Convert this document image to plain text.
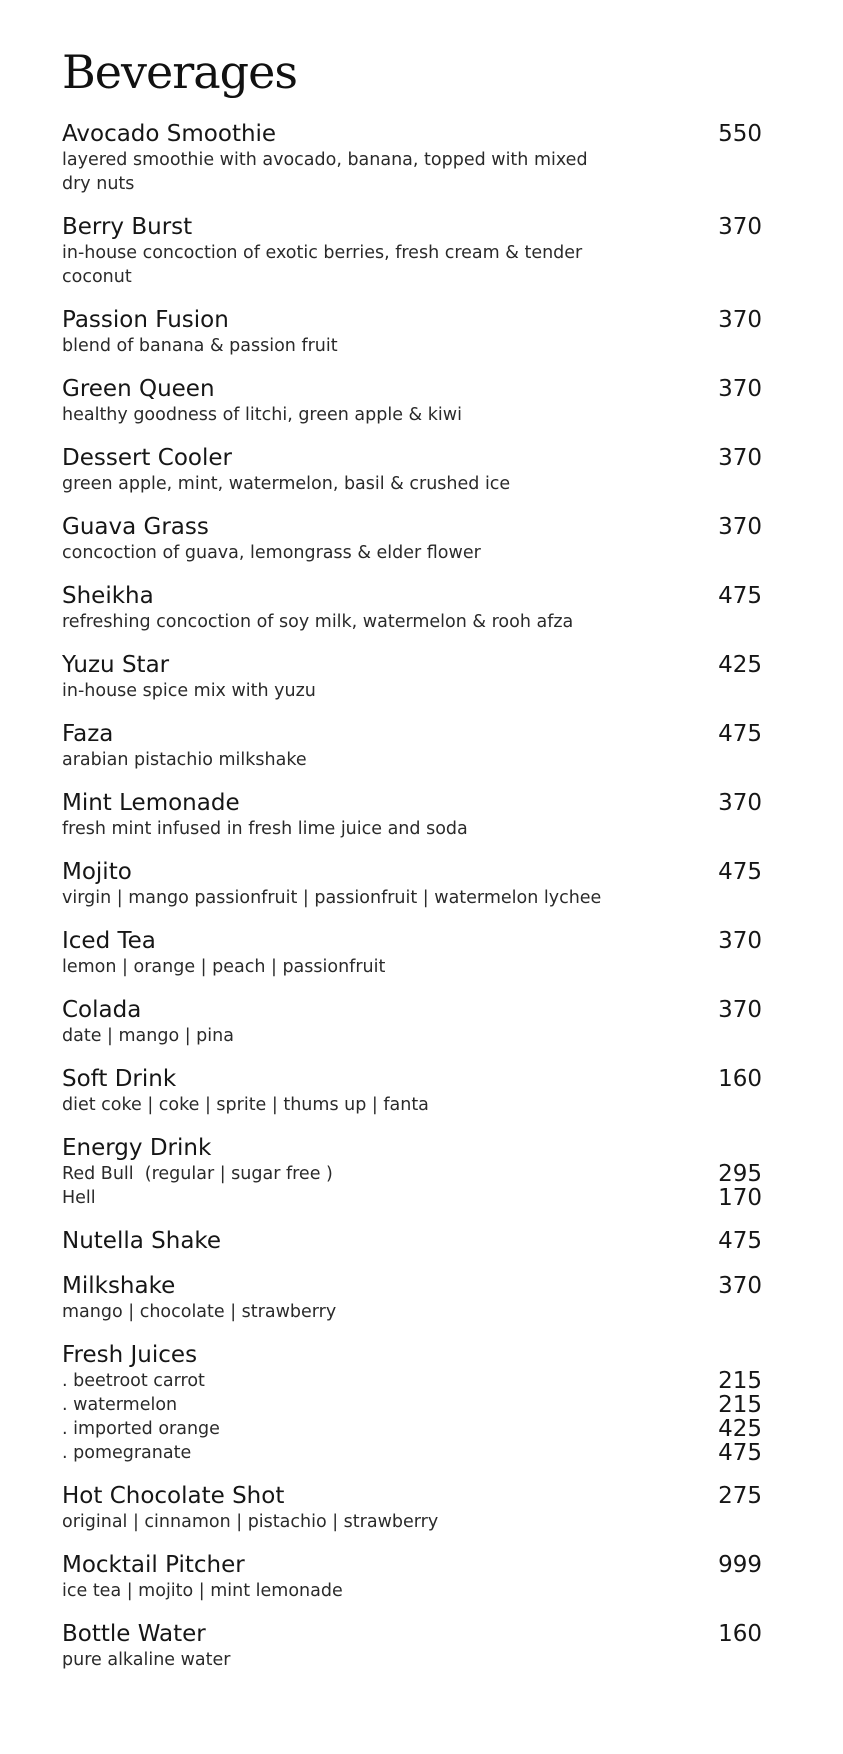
Beverages
Avocado Smoothie	550
layered smoothie with avocado, banana, topped with mixed dry nuts
Berry Burst	370
in-house concoction of exotic berries, fresh cream & tender coconut
Passion Fusion	370
blend of banana & passion fruit
Green Queen	370
healthy goodness of litchi, green apple & kiwi
Dessert Cooler	370
green apple, mint, watermelon, basil & crushed ice
Guava Grass	370
concoction of guava, lemongrass & elder flower
Sheikha	475
refreshing concoction of soy milk, watermelon & rooh afza
Yuzu Star	425
in-house spice mix with yuzu
Faza	475
arabian pistachio milkshake
Mint Lemonade	370
fresh mint infused in fresh lime juice and soda
Mojito	475
virgin | mango passionfruit | passionfruit | watermelon lychee
Iced Tea	370
lemon | orange | peach | passionfruit
Colada	370
date | mango | pina
Soft Drink	160
diet coke | coke | sprite | thums up | fanta
Energy Drink
Red Bull  (regular | sugar free )	295
Hell	170
Nutella Shake	475
Milkshake	370
mango | chocolate | strawberry
Fresh Juices
. beetroot carrot	215
. watermelon	215
. imported orange	425
. pomegranate	475
Hot Chocolate Shot	275
original | cinnamon | pistachio | strawberry
Mocktail Pitcher	999
ice tea | mojito | mint lemonade
Bottle Water	160
pure alkaline water
